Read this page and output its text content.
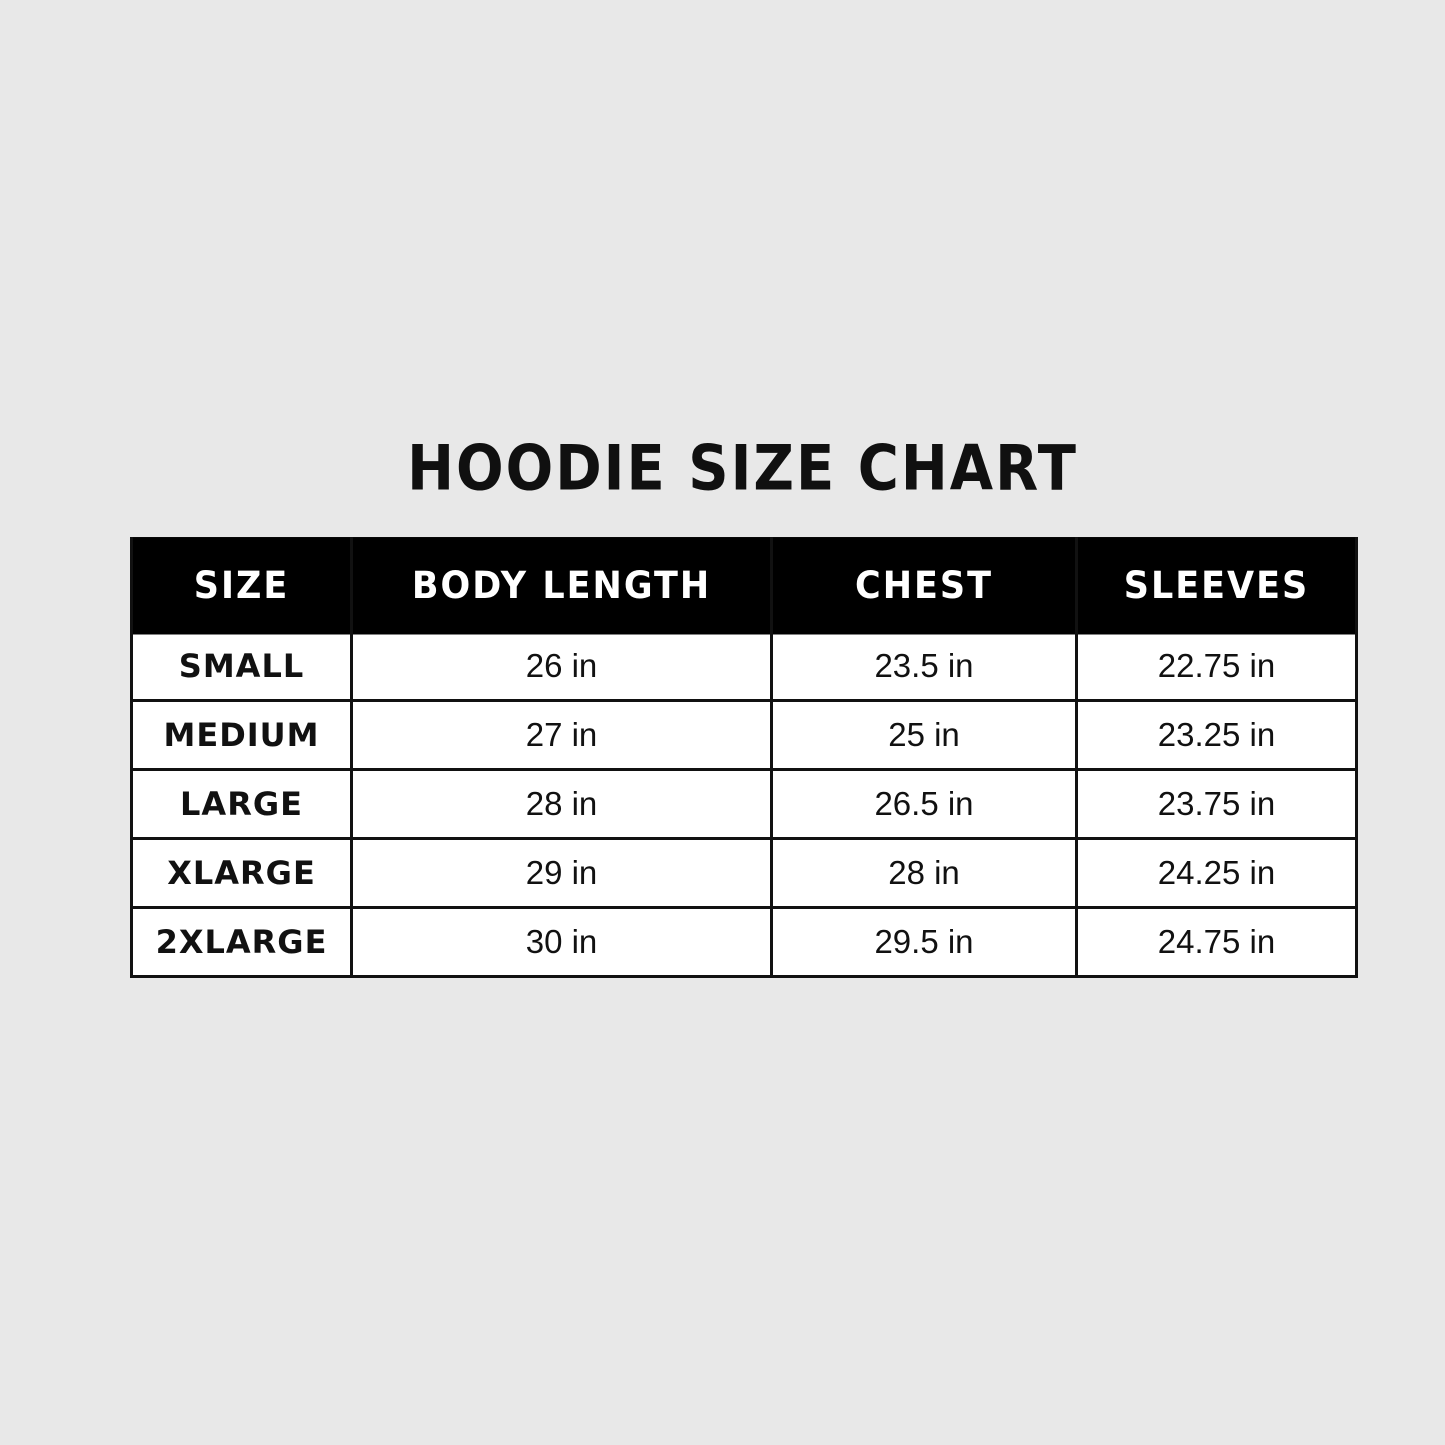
HOODIE SIZE CHART
SIZE	BODY LENGTH	CHEST	SLEEVES
SMALL	26 in	23.5 in	22.75 in
MEDIUM	27 in	25 in	23.25 in
LARGE	28 in	26.5 in	23.75 in
XLARGE	29 in	28 in	24.25 in
2XLARGE	30 in	29.5 in	24.75 in
